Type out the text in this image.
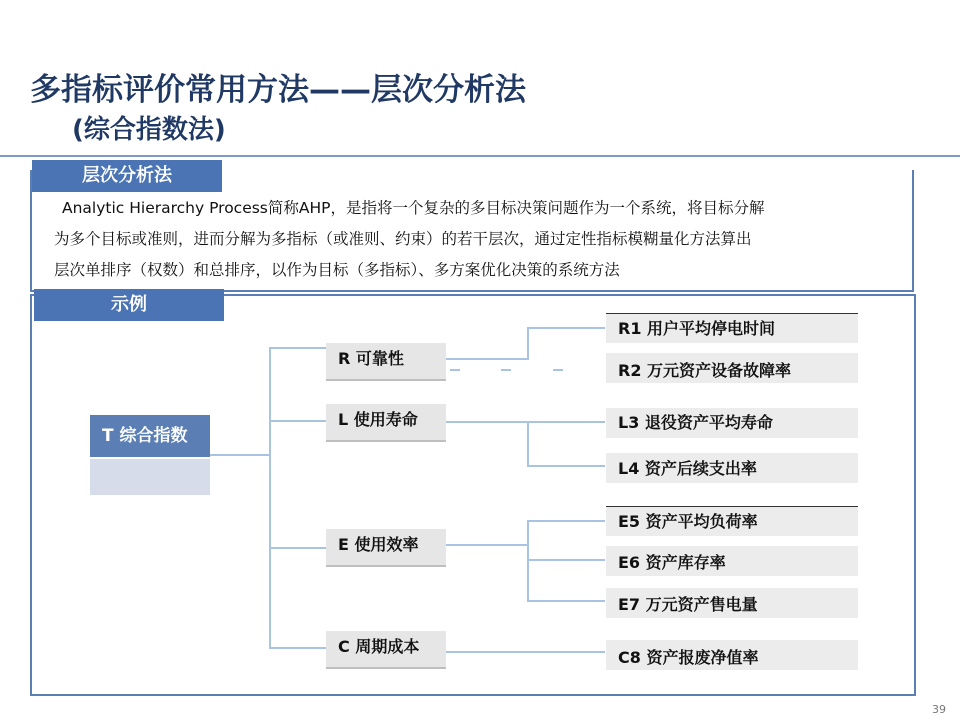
多指标评价常用方法——层次分析法
(综合指数法)
层次分析法
Analytic Hierarchy Process简称AHP，是指将一个复杂的多目标决策问题作为一个系统，将目标分解
为多个目标或准则，进而分解为多指标（或准则、约束）的若干层次，通过定性指标模糊量化方法算出
层次单排序（权数）和总排序，以作为目标（多指标）、多方案优化决策的系统方法
示例
T 综合指数
R 可靠性
L 使用寿命
E 使用效率
C 周期成本
R1 用户平均停电时间
R2 万元资产设备故障率
L3 退役资产平均寿命
L4 资产后续支出率
E5 资产平均负荷率
E6 资产库存率
E7 万元资产售电量
C8 资产报废净值率
39
